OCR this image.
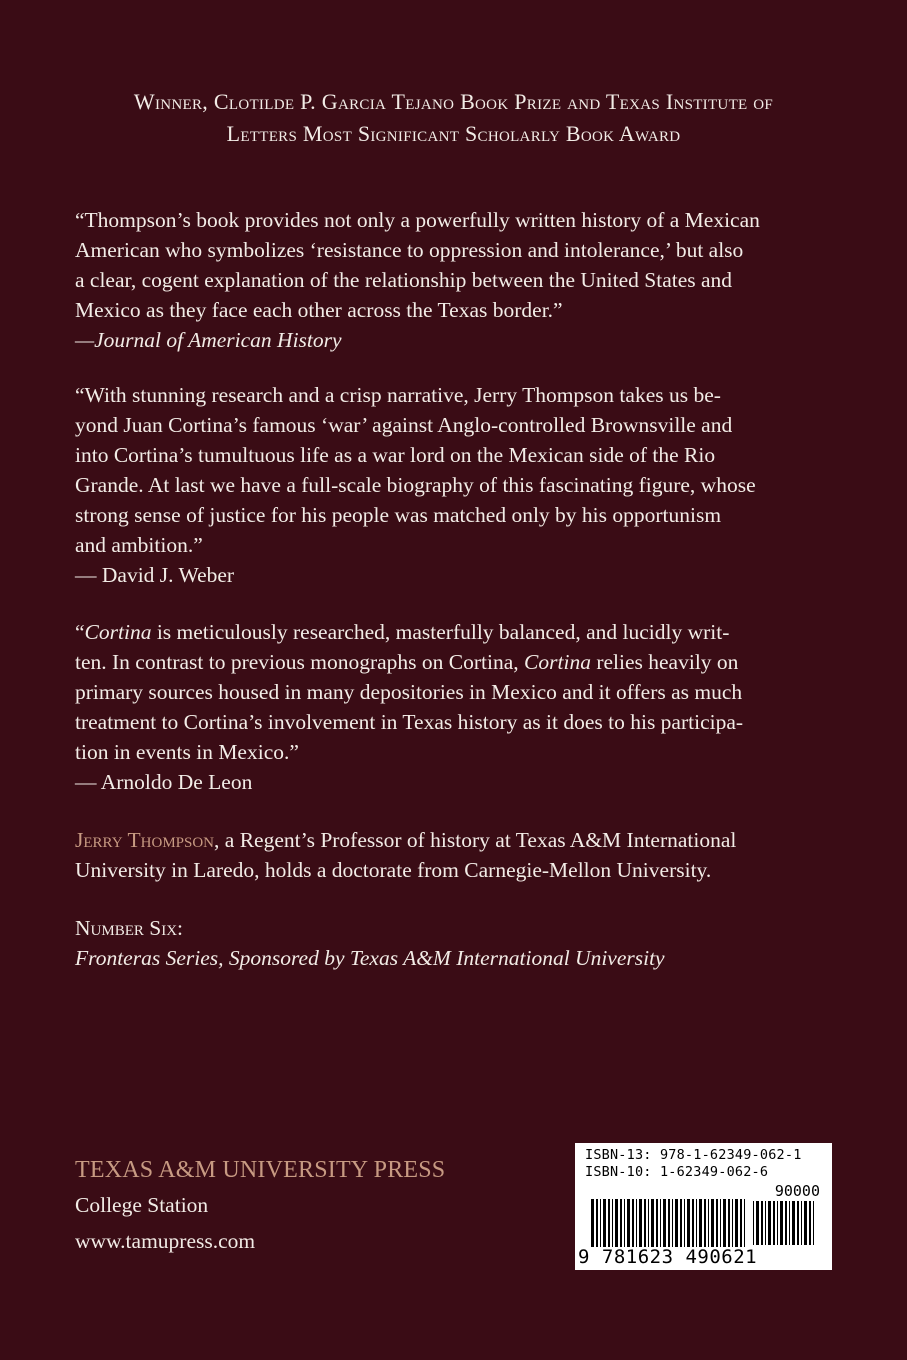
Winner, Clotilde P. Garcia Tejano Book Prize and Texas Institute of
Letters Most Significant Scholarly Book Award
“Thompson’s book provides not only a powerfully written history of a Mexican
American who symbolizes ‘resistance to oppression and intolerance,’ but also
a clear, cogent explanation of the relationship between the United States and
Mexico as they face each other across the Texas border.”
—Journal of American History
“With stunning research and a crisp narrative, Jerry Thompson takes us be-
yond Juan Cortina’s famous ‘war’ against Anglo-controlled Brownsville and
into Cortina’s tumultuous life as a war lord on the Mexican side of the Rio
Grande. At last we have a full-scale biography of this fascinating figure, whose
strong sense of justice for his people was matched only by his opportunism
and ambition.”
— David J. Weber
“Cortina is meticulously researched, masterfully balanced, and lucidly writ-
ten. In contrast to previous monographs on Cortina, Cortina relies heavily on
primary sources housed in many depositories in Mexico and it offers as much
treatment to Cortina’s involvement in Texas history as it does to his participa-
tion in events in Mexico.”
— Arnoldo De Leon
Jerry Thompson, a Regent’s Professor of history at Texas A&M International
University in Laredo, holds a doctorate from Carnegie-Mellon University.
Number Six:
Fronteras Series, Sponsored by Texas A&M International University
TEXAS A&M UNIVERSITY PRESS
College Station
www.tamupress.com
ISBN-13: 978-1-62349-062-1
ISBN-10: 1-62349-062-6
90000
9 781623 490621
